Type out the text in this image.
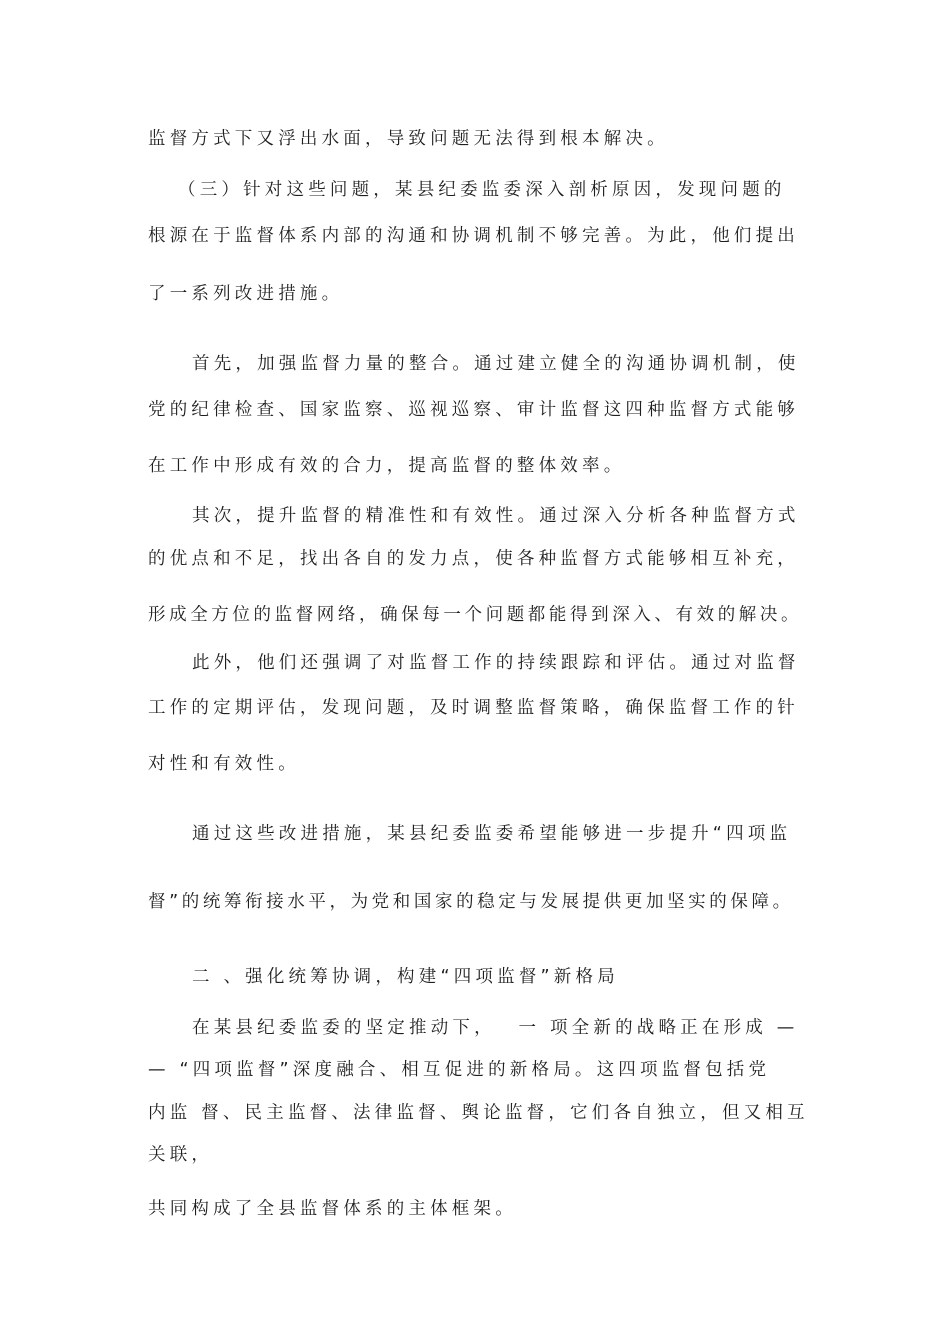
监督方式下又浮出水面，导致问题无法得到根本解决。
（三）针对这些问题，某县纪委监委深入剖析原因，发现问题的
根源在于监督体系内部的沟通和协调机制不够完善。为此，他们提出
了一系列改进措施。
首先，加强监督力量的整合。通过建立健全的沟通协调机制，使
党的纪律检查、国家监察、巡视巡察、审计监督这四种监督方式能够
在工作中形成有效的合力，提高监督的整体效率。
其次，提升监督的精准性和有效性。通过深入分析各种监督方式
的优点和不足，找出各自的发力点，使各种监督方式能够相互补充，
形成全方位的监督网络，确保每一个问题都能得到深入、有效的解决。
此外，他们还强调了对监督工作的持续跟踪和评估。通过对监督
工作的定期评估，发现问题，及时调整监督策略，确保监督工作的针
对性和有效性。
通过这些改进措施，某县纪委监委希望能够进一步提升“四项监
督”的统筹衔接水平，为党和国家的稳定与发展提供更加坚实的保障。
二 、强化统筹协调，构建“四项监督”新格局
在某县纪委监委的坚定推动下，　 一 项全新的战略正在形成 —
— “四项监督”深度融合、相互促进的新格局。这四项监督包括党
内监 督、民主监督、法律监督、舆论监督，它们各自独立，但又相互
关联，
共同构成了全县监督体系的主体框架。
